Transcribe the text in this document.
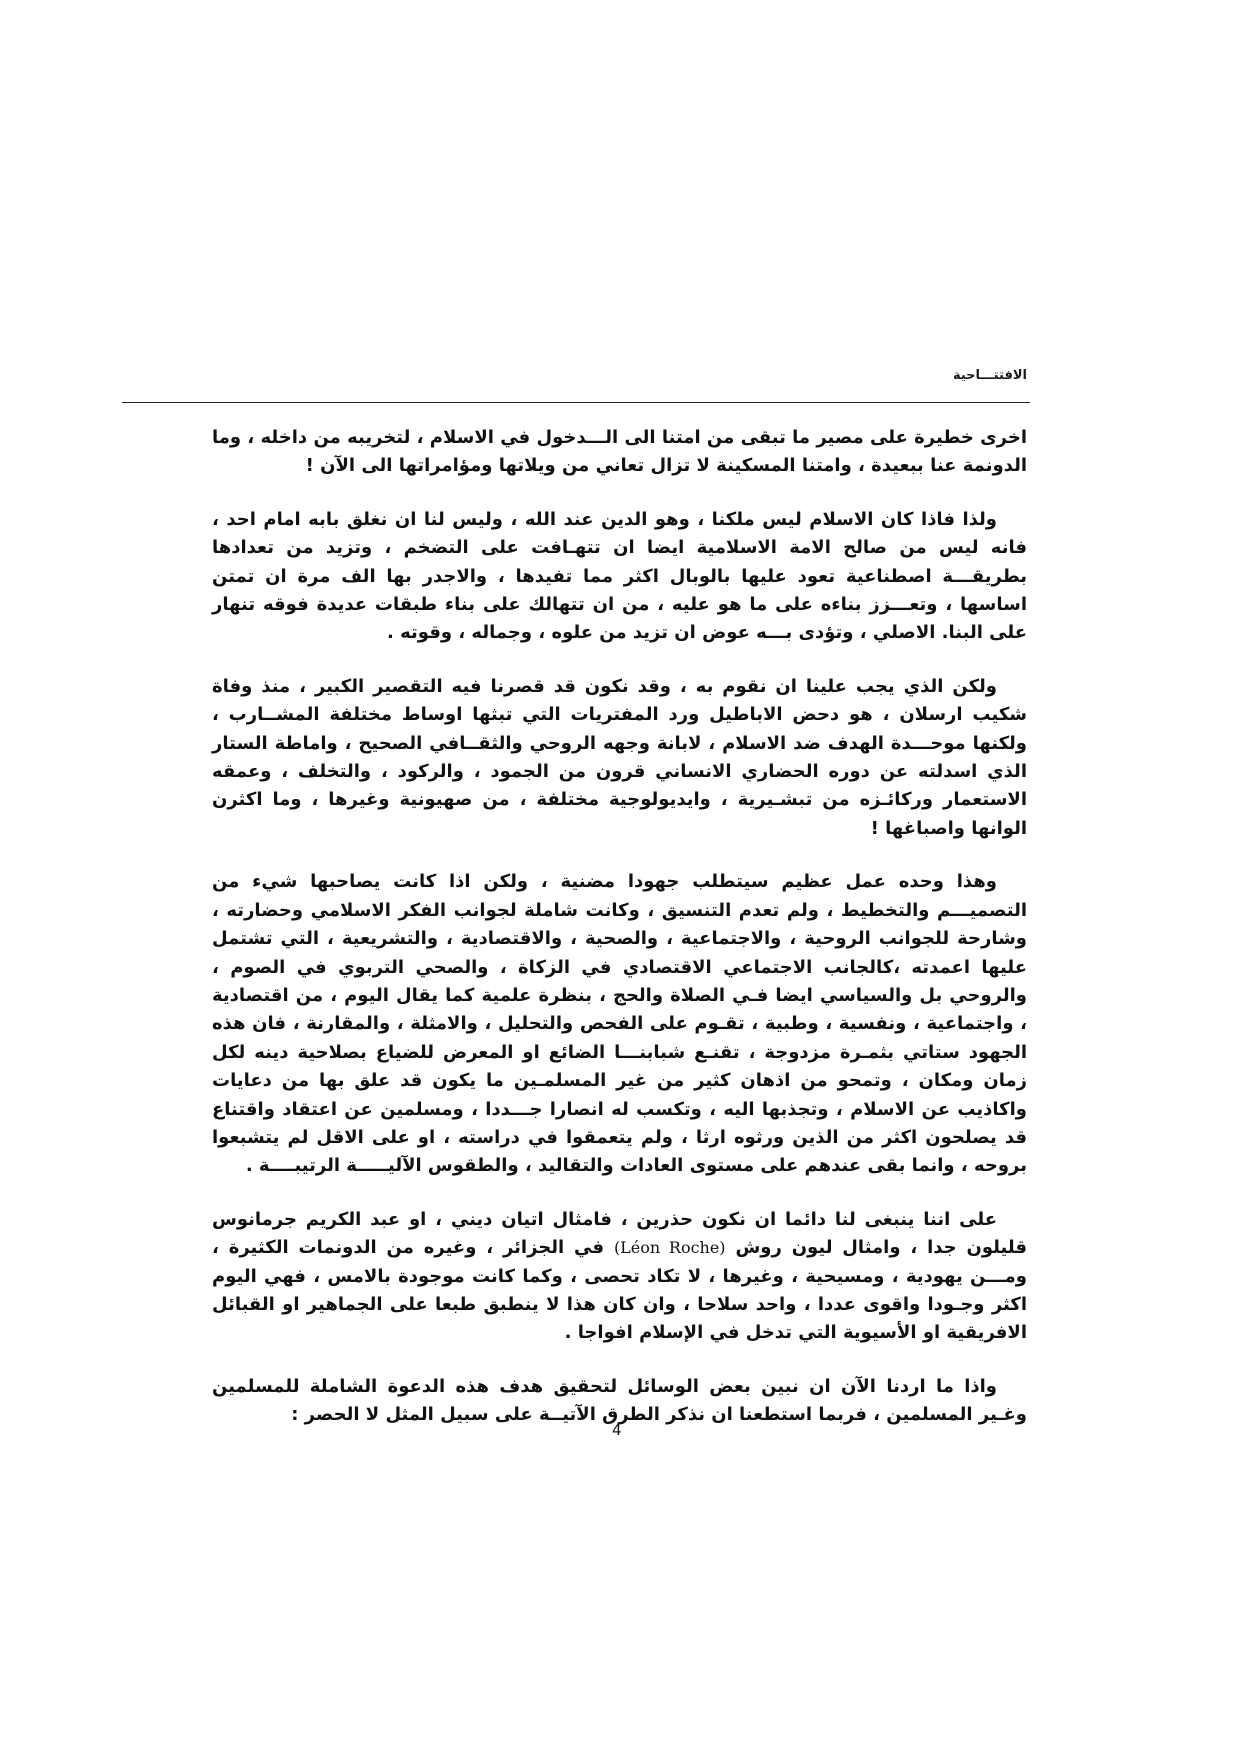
الافتتـــاحية

اخرى خطيرة على مصير ما تبقى من امتنا الى الـــدخول في الاسلام ، لتخريبه من داخله ، وما الدونمة عنا ببعيدة ، وامتنا المسكينة لا تزال تعاني من ويلاتها ومؤامراتها الى الآن !

ولذا فاذا كان الاسلام ليس ملكنا ، وهو الدين عند الله ، وليس لنا ان نغلق بابه امام احد ، فانه ليس من صالح الامة الاسلامية ايضا ان تتهـافت على التضخم ، وتزيد من تعدادها بطريقـــة اصطناعية تعود عليها بالوبال اكثر مما تفيدها ، والاجدر بها الف مرة ان تمتن اساسها ، وتعـــزز بناءه على ما هو عليه ، من ان تتهالك على بناء طبقات عديدة فوقه تنهار على البنا. الاصلي ، وتؤدى بـــه عوض ان تزيد من علوه ، وجماله ، وقوته .

ولكن الذي يجب علينا ان نقوم به ، وقد نكون قد قصرنا فيه التقصير الكبير ، منذ وفاة شكيب ارسلان ، هو دحض الاباطيل ورد المفتريات التي تبثها اوساط مختلفة المشــارب ، ولكنها موحـــدة الهدف ضد الاسلام ، لابانة وجهه الروحي والثقــافي الصحيح ، واماطة الستار الذي اسدلته عن دوره الحضاري الانساني قرون من الجمود ، والركود ، والتخلف ، وعمقه الاستعمار وركائـزه من تبشـيرية ، وايديولوجية مختلفة ، من صهيونية وغيرها ، وما اكثرن الوانها واصباغها !

وهذا وحده عمل عظيم سيتطلب جهودا مضنية ، ولكن اذا كانت يصاحبها شيء من التصميـــم والتخطيط ، ولم تعدم التنسيق ، وكانت شاملة لجوانب الفكر الاسلامي وحضارته ، وشارحة للجوانب الروحية ، والاجتماعية ، والصحية ، والاقتصادية ، والتشريعية ، التي تشتمل عليها اعمدته ،كالجانب الاجتماعي الاقتصادي في الزكاة ، والصحي التربوي في الصوم ، والروحي بل والسياسي ايضا فـي الصلاة والحج ، بنظرة علمية كما يقال اليوم ، من اقتصادية ، واجتماعية ، ونفسية ، وطبية ، تقـوم على الفحص والتحليل ، والامثلة ، والمقارنة ، فان هذه الجهود ستاتي بثمـرة مزدوجة ، تقنـع شبابنـــا الضائع او المعرض للضياع بصلاحية دينه لكل زمان ومكان ، وتمحو من اذهان كثير من غير المسلمـين ما يكون قد علق بها من دعايات واكاذيب عن الاسلام ، وتجذبها اليه ، وتكسب له انصارا جـــددا ، ومسلمين عن اعتقاد واقتناع قد يصلحون اكثر من الذين ورثوه ارثا ، ولم يتعمقوا في دراسته ، او على الاقل لم يتشبعوا بروحه ، وانما بقى عندهم على مستوى العادات والتقاليد ، والطقوس الآليـــــة الرتيبــــة .

على اننا ينبغى لنا دائما ان نكون حذرين ، فامثال اتيان ديني ، او عبد الكريم جرمانوس قليلون جدا ، وامثال ليون روش (Léon Roche) في الجزائر ، وغيره من الدونمات الكثيرة ، ومـــن يهودية ، ومسيحية ، وغيرها ، لا تكاد تحصى ، وكما كانت موجودة بالامس ، فهي اليوم اكثر وجـودا واقوى عددا ، واحد سلاحا ، وان كان هذا لا ينطبق طبعا على الجماهير او القبائل الافريقية او الأسيوية التي تدخل في الإسلام افواجا .

واذا ما اردنا الآن ان نبين بعض الوسائل لتحقيق هدف هذه الدعوة الشاملة للمسلمين وغـير المسلمين ، فربما استطعنا ان نذكر الطرق الآتيــة على سبيل المثل لا الحصر :

4
